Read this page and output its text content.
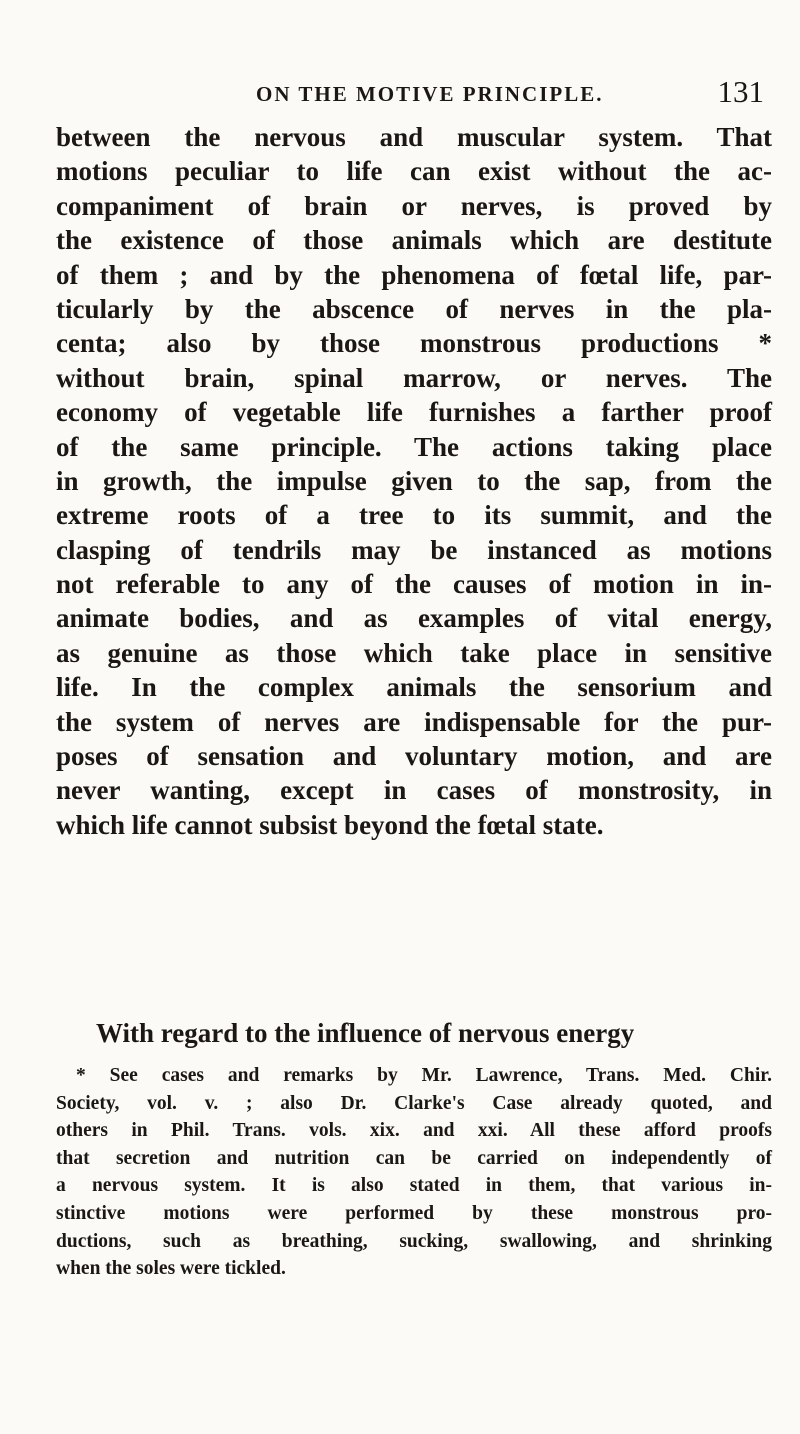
ON THE MOTIVE PRINCIPLE.	131
between the nervous and muscular system. That
motions peculiar to life can exist without the ac-
companiment of brain or nerves, is proved by
the existence of those animals which are destitute
of them ; and by the phenomena of fœtal life, par-
ticularly by the abscence of nerves in the pla-
centa; also by those monstrous productions *
without brain, spinal marrow, or nerves. The
economy of vegetable life furnishes a farther proof
of the same principle. The actions taking place
in growth, the impulse given to the sap, from the
extreme roots of a tree to its summit, and the
clasping of tendrils may be instanced as motions
not referable to any of the causes of motion in in-
animate bodies, and as examples of vital energy,
as genuine as those which take place in sensitive
life. In the complex animals the sensorium and
the system of nerves are indispensable for the pur-
poses of sensation and voluntary motion, and are
never wanting, except in cases of monstrosity, in
which life cannot subsist beyond the fœtal state.
With regard to the influence of nervous energy
* See cases and remarks by Mr. Lawrence, Trans. Med. Chir.
Society, vol. v. ; also Dr. Clarke's Case already quoted, and
others in Phil. Trans. vols. xix. and xxi. All these afford proofs
that secretion and nutrition can be carried on independently of
a nervous system. It is also stated in them, that various in-
stinctive motions were performed by these monstrous pro-
ductions, such as breathing, sucking, swallowing, and shrinking
when the soles were tickled.
